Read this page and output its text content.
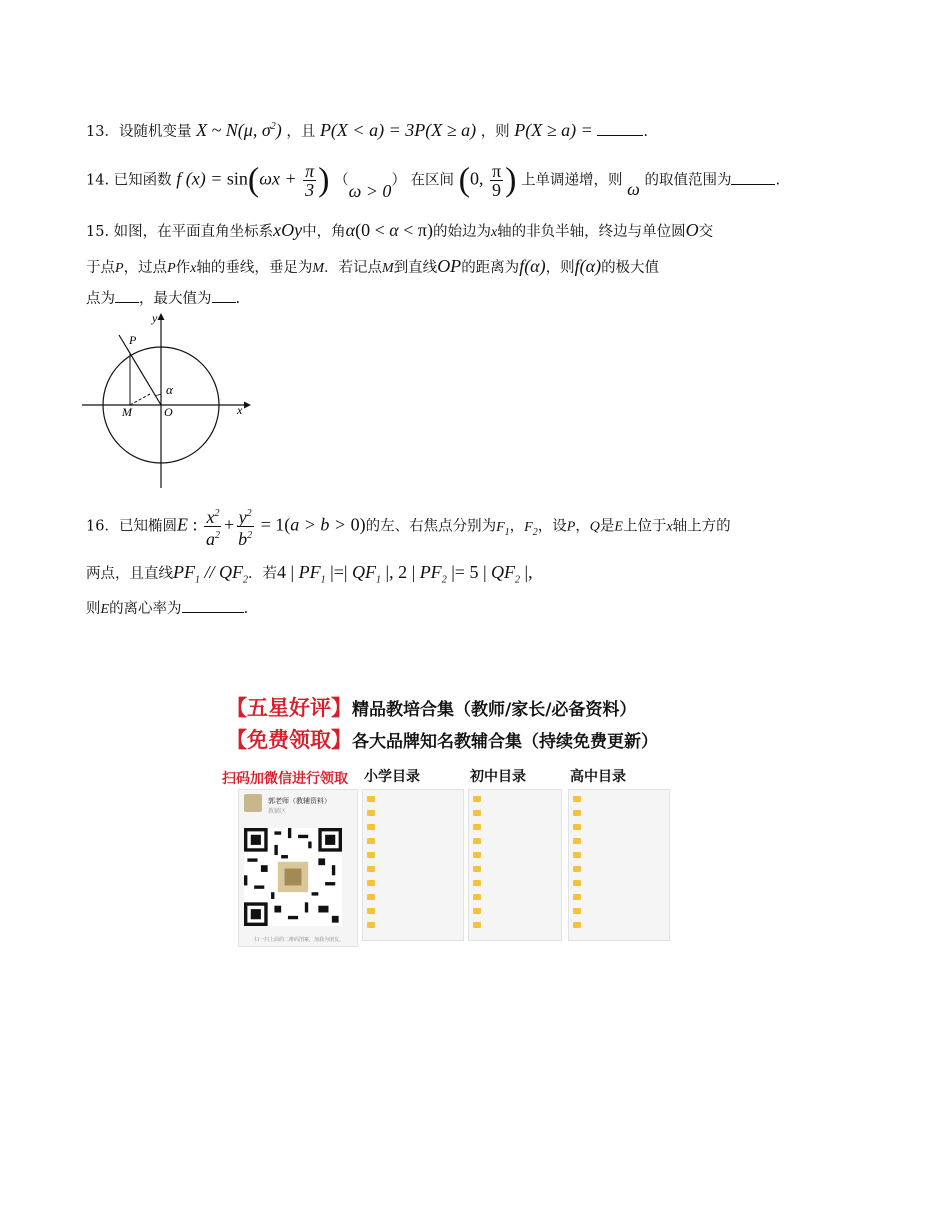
13．设随机变量 X ~ N(μ, $\sigma^2$) ，且 P(X < a) = 3P(X ≥ a) ，则 P(X ≥ a) =	.
14. 已知函数 f $(x) = \sin(\omega x + \frac{\pi}{3}$ ) （ω > 0） 在区间 (0, $\frac{\pi}{9}$ ) 上单调递增，则 ω 的取值范围为	.
15. 如图，在平面直角坐标系xOy中，角α(0 < α < π)的始边为x轴的非负半轴，终边与单位圆O交
于点P，过点P作x轴的垂线，垂足为M．若记点M到直线OP的距离为f(α)，则f(α)的极大值
点为 ，最大值为 .
y
x
P
M	O
α
16．已知椭圆E : $\frac{x^2}{a^2} + \frac{y^2}{b^2} = 1(a > b > 0)$的左、右焦点分别为$F_1$，$F_2$，设P，Q是E上位于x轴上方的
两点，且直线$PF_1 // QF_2$．若4 | $PF_1$ |=| $QF_1$ |, 2 | $PF_2$ |= 5 | $QF_2$ |,
则E的离心率为	.
【五星好评】精品教培合集（教师/家长/必备资料）
【免费领取】各大品牌知名教辅合集（持续免费更新）
扫码加微信进行领取 小学目录	初中目录	高中目录
郭老师（教辅资料）
教辅区
扫一扫上面的二维码图案，加我为朋友。
